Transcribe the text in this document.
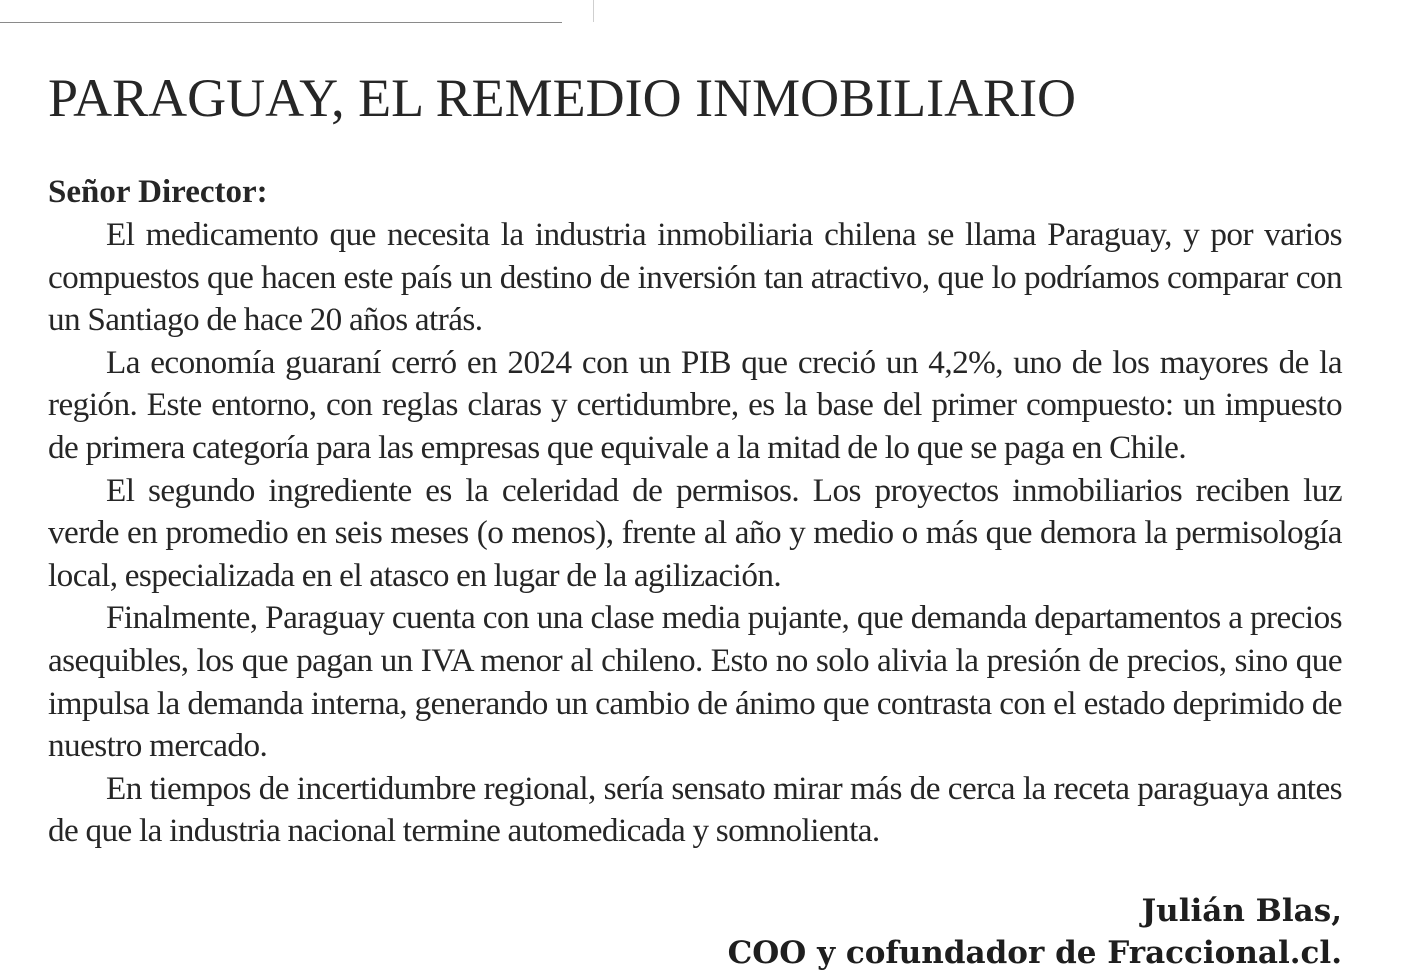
PARAGUAY, EL REMEDIO INMOBILIARIO

Señor Director:

El medicamento que necesita la industria inmobiliaria chilena se llama Paraguay, y por varios compuestos que hacen este país un destino de inversión tan atractivo, que lo podríamos comparar con un Santiago de hace 20 años atrás.

La economía guaraní cerró en 2024 con un PIB que creció un 4,2%, uno de los mayores de la región. Este entorno, con reglas claras y certidumbre, es la base del primer compuesto: un impuesto de primera categoría para las empresas que equivale a la mitad de lo que se paga en Chile.

El segundo ingrediente es la celeridad de permisos. Los proyectos inmobiliarios reciben luz verde en promedio en seis meses (o menos), frente al año y medio o más que demora la permisología local, especializada en el atasco en lugar de la agilización.

Finalmente, Paraguay cuenta con una clase media pujante, que demanda departamentos a precios asequibles, los que pagan un IVA menor al chileno. Esto no solo alivia la presión de precios, sino que impulsa la demanda interna, generando un cambio de ánimo que contrasta con el estado deprimido de nuestro mercado.

En tiempos de incertidumbre regional, sería sensato mirar más de cerca la receta paraguaya antes de que la industria nacional termine automedicada y somnolienta.

Julián Blas,
COO y cofundador de Fraccional.cl.
